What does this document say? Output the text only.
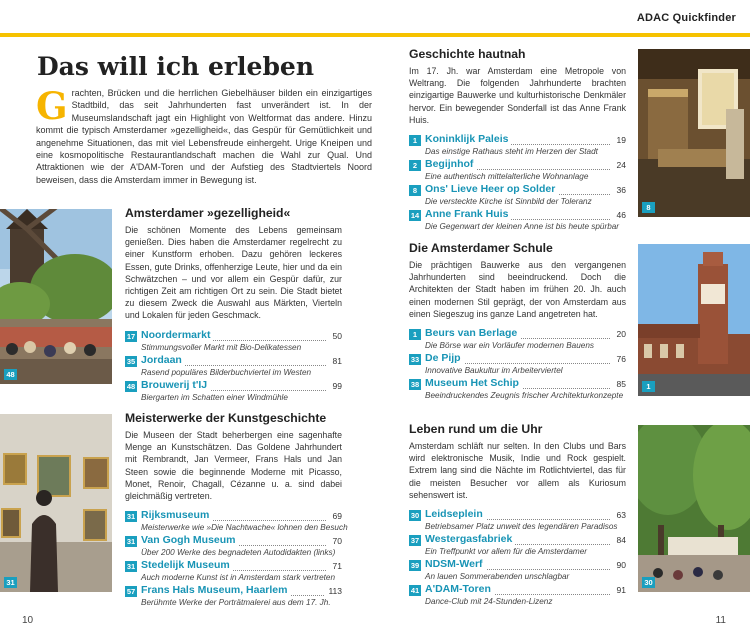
ADAC Quickfinder
Das will ich erleben
Grachten, Brücken und die herrlichen Giebelhäuser bilden ein einzigartiges Stadtbild, das seit Jahrhunderten fast unverändert ist. In der Museumslandschaft jagt ein Highlight von Weltformat das andere. Hinzu kommt die typisch Amsterdamer »gezelligheid«, das Gespür für Gemütlichkeit und angenehme Situationen, das mit viel Lebensfreude einhergeht. Urige Kneipen und eine kosmopolitische Restaurantlandschaft machen die Wahl zur Qual. Und Attraktionen wie der A'DAM-Toren und der Aufstieg des Stadtviertels Noord beweisen, dass die Amsterdam immer in Bewegung ist.
48
31
8
1
30
Amsterdamer »gezelligheid«

Die schönen Momente des Lebens gemeinsam genießen. Dies haben die Amsterdamer regelrecht zu einer Kunstform erhoben. Dazu gehören leckeres Essen, gute Drinks, offenherzige Leute, hier und da ein Schwätzchen – und vor allem ein Gespür dafür, zur richtigen Zeit am richtigen Ort zu sein. Die Stadt bietet zu diesem Zweck die Auswahl aus Märkten, Vierteln und Lokalen für jeden Geschmack.

17 Noordermarkt	50
Stimmungsvoller Markt mit Bio-Delikatessen
35 Jordaan	81
Rasend populäres Bilderbuchviertel im Westen
48 Brouwerij t'IJ	99
Biergarten im Schatten einer Windmühle
Meisterwerke der Kunstgeschichte

Die Museen der Stadt beherbergen eine sagenhafte Menge an Kunstschätzen. Das Goldene Jahrhundert mit Rembrandt, Jan Vermeer, Frans Hals und Jan Steen sowie die beginnende Moderne mit Picasso, Monet, Renoir, Chagall, Cézanne u. a. sind dabei gleichmäßig vertreten.

31 Rijksmuseum	69
Meisterwerke wie »Die Nachtwache« lohnen den Besuch
31 Van Gogh Museum	70
Über 200 Werke des begnadeten Autodidakten (links)
31 Stedelijk Museum	71
Auch moderne Kunst ist in Amsterdam stark vertreten
57 Frans Hals Museum, Haarlem	113
Berühmte Werke der Porträtmalerei aus dem 17. Jh.
Geschichte hautnah

Im 17. Jh. war Amsterdam eine Metropole von Weltrang. Die folgenden Jahrhunderte brachten einzigartige Bauwerke und kulturhistorische Denkmäler hervor. Ein bewegender Sonderfall ist das Anne Frank Huis.

1 Koninklijk Paleis	19
Das einstige Rathaus steht im Herzen der Stadt
2 Begijnhof	24
Eine authentisch mittelalterliche Wohnanlage
8 Ons' Lieve Heer op Solder	36
Die versteckte Kirche ist Sinnbild der Toleranz
14 Anne Frank Huis	46
Die Gegenwart der kleinen Anne ist bis heute spürbar
Die Amsterdamer Schule

Die prächtigen Bauwerke aus den vergangenen Jahrhunderten sind beeindruckend. Doch die Architekten der Stadt haben im frühen 20. Jh. auch einen modernen Stil geprägt, der von Amsterdam aus einen Siegeszug ins ganze Land angetreten hat.

1 Beurs van Berlage	20
Die Börse war ein Vorläufer modernen Bauens
33 De Pijp	76
Innovative Baukultur im Arbeiterviertel
38 Museum Het Schip	85
Beeindruckendes Zeugnis frischer Architekturkonzepte
Leben rund um die Uhr

Amsterdam schläft nur selten. In den Clubs und Bars wird elektronische Musik, Indie und Rock gespielt. Extrem lang sind die Nächte im Rotlichtviertel, das für die meisten Besucher vor allem als Kuriosum sehenswert ist.

30 Leidseplein	63
Betriebsamer Platz unweit des legendären Paradisos
37 Westergasfabriek	84
Ein Treffpunkt vor allem für die Amsterdamer
39 NDSM-Werf	90
An lauen Sommerabenden unschlagbar
41 A'DAM-Toren	91
Dance-Club mit 24-Stunden-Lizenz
10	11
